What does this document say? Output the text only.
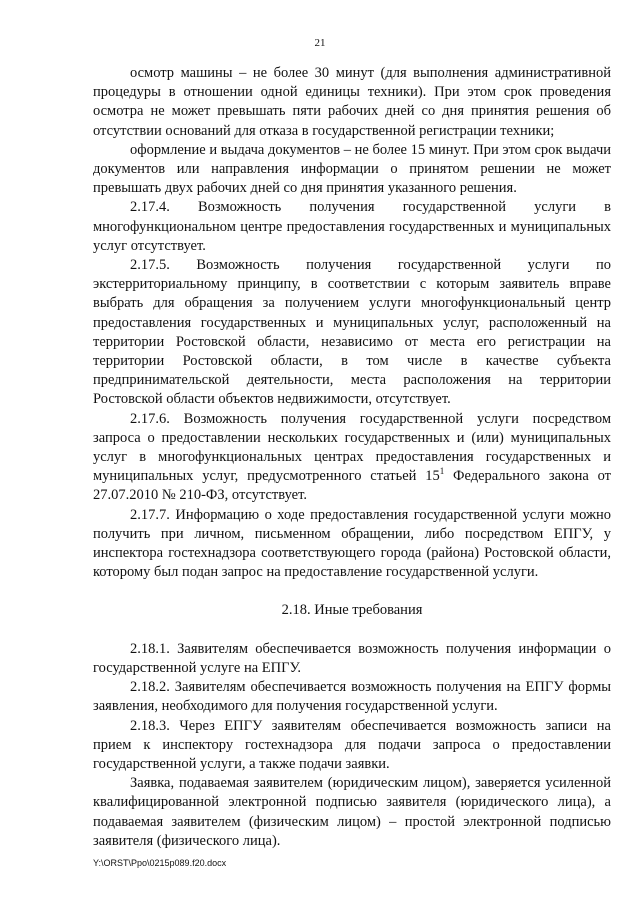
21

осмотр машины – не более 30 минут (для выполнения административной процедуры в отношении одной единицы техники). При этом срок проведения осмотра не может превышать пяти рабочих дней со дня принятия решения об отсутствии оснований для отказа в государственной регистрации техники;

оформление и выдача документов – не более 15 минут. При этом срок выдачи документов или направления информации о принятом решении не может превышать двух рабочих дней со дня принятия указанного решения.

2.17.4. Возможность получения государственной услуги в многофункциональном центре предоставления государственных и муниципальных услуг отсутствует.

2.17.5. Возможность получения государственной услуги по экстерриториальному принципу, в соответствии с которым заявитель вправе выбрать для обращения за получением услуги многофункциональный центр предоставления государственных и муниципальных услуг, расположенный на территории Ростовской области, независимо от места его регистрации на территории Ростовской области, в том числе в качестве субъекта предпринимательской деятельности, места расположения на территории Ростовской области объектов недвижимости, отсутствует.

2.17.6. Возможность получения государственной услуги посредством запроса о предоставлении нескольких государственных и (или) муниципальных услуг в многофункциональных центрах предоставления государственных и муниципальных услуг, предусмотренного статьей $15^1$ Федерального закона от 27.07.2010 № 210-ФЗ, отсутствует.

2.17.7. Информацию о ходе предоставления государственной услуги можно получить при личном, письменном обращении, либо посредством ЕПГУ, у инспектора гостехнадзора соответствующего города (района) Ростовской области, которому был подан запрос на предоставление государственной услуги.

2.18. Иные требования

2.18.1. Заявителям обеспечивается возможность получения информации о государственной услуге на ЕПГУ.

2.18.2. Заявителям обеспечивается возможность получения на ЕПГУ формы заявления, необходимого для получения государственной услуги.

2.18.3. Через ЕПГУ заявителям обеспечивается возможность записи на прием к инспектору гостехнадзора для подачи запроса о предоставлении государственной услуги, а также подачи заявки.

Заявка, подаваемая заявителем (юридическим лицом), заверяется усиленной квалифицированной электронной подписью заявителя (юридического лица), а подаваемая заявителем (физическим лицом) – простой электронной подписью заявителя (физического лица).

Y:\ORST\Ppo\0215p089.f20.docx
